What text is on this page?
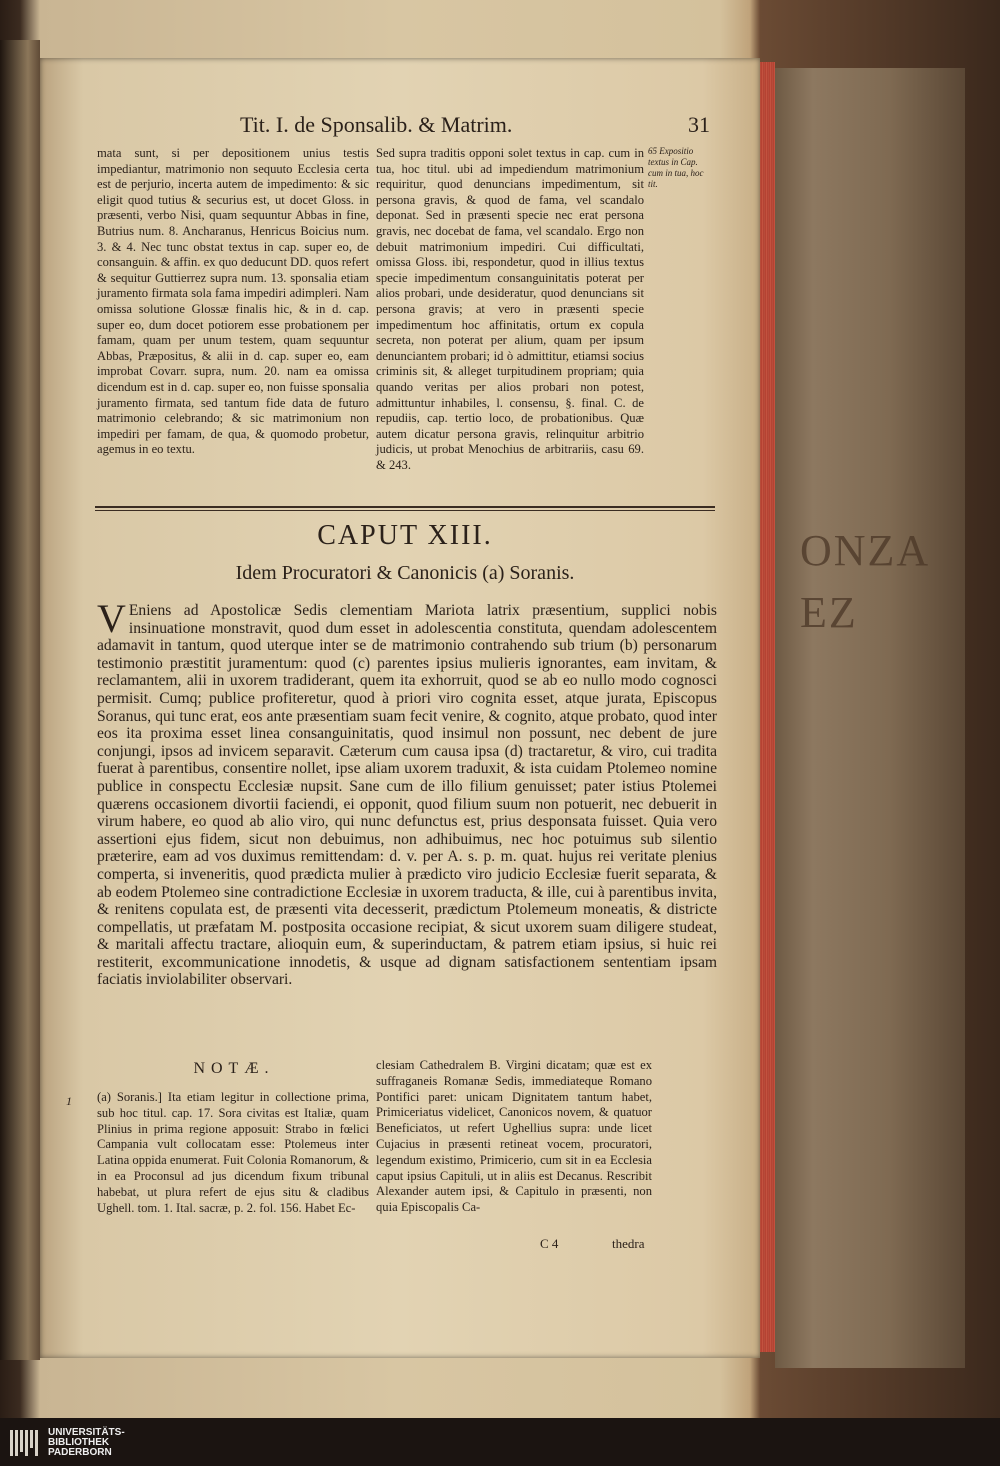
ONZA EZ
Tit. I. de Sponsalib. & Matrim.	31
mata sunt, si per depositionem unius testis impediantur, matrimonio non sequuto Ecclesia certa est de perjurio, incerta autem de impedimento: & sic eligit quod tutius & securius est, ut docet Gloss. in præsenti, verbo Nisi, quam sequuntur Abbas in fine, Butrius num. 8. Ancharanus, Henricus Boicius num. 3. & 4. Nec tunc obstat textus in cap. super eo, de consanguin. & affin. ex quo deducunt DD. quos refert & sequitur Guttierrez supra num. 13. sponsalia etiam juramento firmata sola fama impediri adimpleri. Nam omissa solutione Glossæ finalis hic, & in d. cap. super eo, dum docet potiorem esse probationem per famam, quam per unum testem, quam sequuntur Abbas, Præpositus, & alii in d. cap. super eo, eam improbat Covarr. supra, num. 20. nam ea omissa dicendum est in d. cap. super eo, non fuisse sponsalia juramento firmata, sed tantum fide data de futuro matrimonio celebrando; & sic matrimonium non impediri per famam, de qua, & quomodo probetur, agemus in eo textu.
Sed supra traditis opponi solet textus in cap. cum in tua, hoc titul. ubi ad impediendum matrimonium requiritur, quod denuncians impedimentum, sit persona gravis, & quod de fama, vel scandalo deponat. Sed in præsenti specie nec erat persona gravis, nec docebat de fama, vel scandalo. Ergo non debuit matrimonium impediri. Cui difficultati, omissa Gloss. ibi, respondetur, quod in illius textus specie impedimentum consanguinitatis poterat per alios probari, unde desideratur, quod denuncians sit persona gravis; at vero in præsenti specie impedimentum hoc affinitatis, ortum ex copula secreta, non poterat per alium, quam per ipsum denunciantem probari; id ò admittitur, etiamsi socius criminis sit, & alleget turpitudinem propriam; quia quando veritas per alios probari non potest, admittuntur inhabiles, l. consensu, §. final. C. de repudiis, cap. tertio loco, de probationibus. Quæ autem dicatur persona gravis, relinquitur arbitrio judicis, ut probat Menochius de arbitrariis, casu 69. & 243.
65 Expositio textus in Cap. cum in tua, hoc tit.
CAPUT XIII.
Idem Procuratori & Canonicis (a) Soranis.
V Eniens ad Apostolicæ Sedis clementiam Mariota latrix præsentium, supplici nobis insinuatione monstravit, quod dum esset in adolescentia constituta, quendam adolescentem adamavit in tantum, quod uterque inter se de matrimonio contrahendo sub trium (b) personarum testimonio præstitit juramentum: quod (c) parentes ipsius mulieris ignorantes, eam invitam, & reclamantem, alii in uxorem tradiderant, quem ita exhorruit, quod se ab eo nullo modo cognosci permisit. Cumq; publice profiteretur, quod à priori viro cognita esset, atque jurata, Episcopus Soranus, qui tunc erat, eos ante præsentiam suam fecit venire, & cognito, atque probato, quod inter eos ita proxima esset linea consanguinitatis, quod insimul non possunt, nec debent de jure conjungi, ipsos ad invicem separavit. Cæterum cum causa ipsa (d) tractaretur, & viro, cui tradita fuerat à parentibus, consentire nollet, ipse aliam uxorem traduxit, & ista cuidam Ptolemeo nomine publice in conspectu Ecclesiæ nupsit. Sane cum de illo filium genuisset; pater istius Ptolemei quærens occasionem divortii faciendi, ei opponit, quod filium suum non potuerit, nec debuerit in virum habere, eo quod ab alio viro, qui nunc defunctus est, prius desponsata fuisset. Quia vero assertioni ejus fidem, sicut non debuimus, non adhibuimus, nec hoc potuimus sub silentio præterire, eam ad vos duximus remittendam: d. v. per A. s. p. m. quat. hujus rei veritate plenius comperta, si inveneritis, quod prædicta mulier à prædicto viro judicio Ecclesiæ fuerit separata, & ab eodem Ptolemeo sine contradictione Ecclesiæ in uxorem traducta, & ille, cui à parentibus invita, & renitens copulata est, de præsenti vita decesserit, prædictum Ptolemeum moneatis, & districte compellatis, ut præfatam M. postposita occasione recipiat, & sicut uxorem suam diligere studeat, & maritali affectu tractare, alioquin eum, & superinductam, & patrem etiam ipsius, si huic rei restiterit, excommunicatione innodetis, & usque ad dignam satisfactionem sententiam ipsam faciatis inviolabiliter observari.
NOTÆ.
1 (a) Soranis.] Ita etiam legitur in collectione prima, sub hoc titul. cap. 17. Sora civitas est Italiæ, quam Plinius in prima regione apposuit: Strabo in fœlici Campania vult collocatam esse: Ptolemeus inter Latina oppida enumerat. Fuit Colonia Romanorum, & in ea Proconsul ad jus dicendum fixum tribunal habebat, ut plura refert de ejus situ & cladibus Ughell. tom. 1. Ital. sacræ, p. 2. fol. 156. Habet Ec-
clesiam Cathedralem B. Virgini dicatam; quæ est ex suffraganeis Romanæ Sedis, immediateque Romano Pontifici paret: unicam Dignitatem tantum habet, Primiceriatus videlicet, Canonicos novem, & quatuor Beneficiatos, ut refert Ughellius supra: unde licet Cujacius in præsenti retineat vocem, procuratori, legendum existimo, Primicerio, cum sit in ea Ecclesia caput ipsius Capituli, ut in aliis est Decanus. Rescribit Alexander autem ipsi, & Capitulo in præsenti, non quia Episcopalis Ca-
C 4	thedra
UNIVERSITÄTS-
BIBLIOTHEK
PADERBORN
